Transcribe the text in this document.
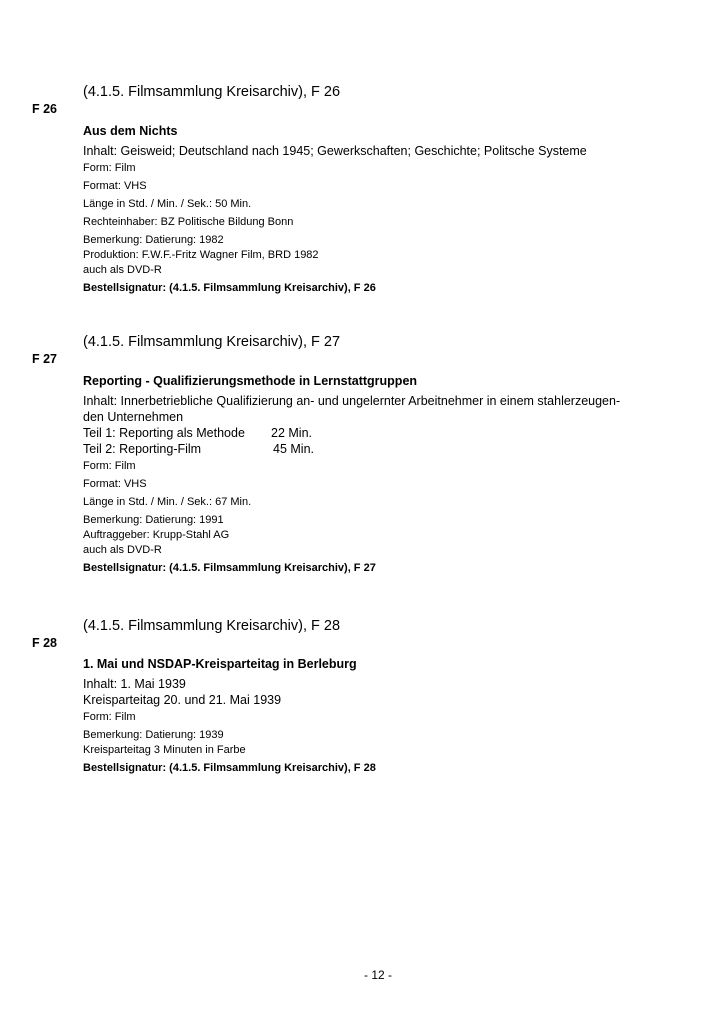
(4.1.5. Filmsammlung Kreisarchiv), F 26
F 26

Aus dem Nichts

Inhalt: Geisweid; Deutschland nach 1945; Gewerkschaften; Geschichte; Politsche Systeme

Form: Film

Format: VHS

Länge in Std. / Min. / Sek.: 50 Min.

Rechteinhaber: BZ Politische Bildung Bonn

Bemerkung: Datierung: 1982

Produktion: F.W.F.-Fritz Wagner Film, BRD 1982

auch als DVD-R

Bestellsignatur: (4.1.5. Filmsammlung Kreisarchiv), F 26

(4.1.5. Filmsammlung Kreisarchiv), F 27
F 27

Reporting - Qualifizierungsmethode in Lernstattgruppen

Inhalt: Innerbetriebliche Qualifizierung an- und ungelernter Arbeitnehmer in einem stahlerzeugen-

den Unternehmen

Teil 1: Reporting als Methode	22 Min.
Teil 2: Reporting-Film	45 Min.

Form: Film

Format: VHS

Länge in Std. / Min. / Sek.: 67 Min.

Bemerkung: Datierung: 1991

Auftraggeber: Krupp-Stahl AG

auch als DVD-R

Bestellsignatur: (4.1.5. Filmsammlung Kreisarchiv), F 27

(4.1.5. Filmsammlung Kreisarchiv), F 28
F 28

1. Mai und NSDAP-Kreisparteitag in Berleburg

Inhalt: 1. Mai 1939

Kreisparteitag 20. und 21. Mai 1939

Form: Film

Bemerkung: Datierung: 1939

Kreisparteitag 3 Minuten in Farbe

Bestellsignatur: (4.1.5. Filmsammlung Kreisarchiv), F 28

- 12 -
